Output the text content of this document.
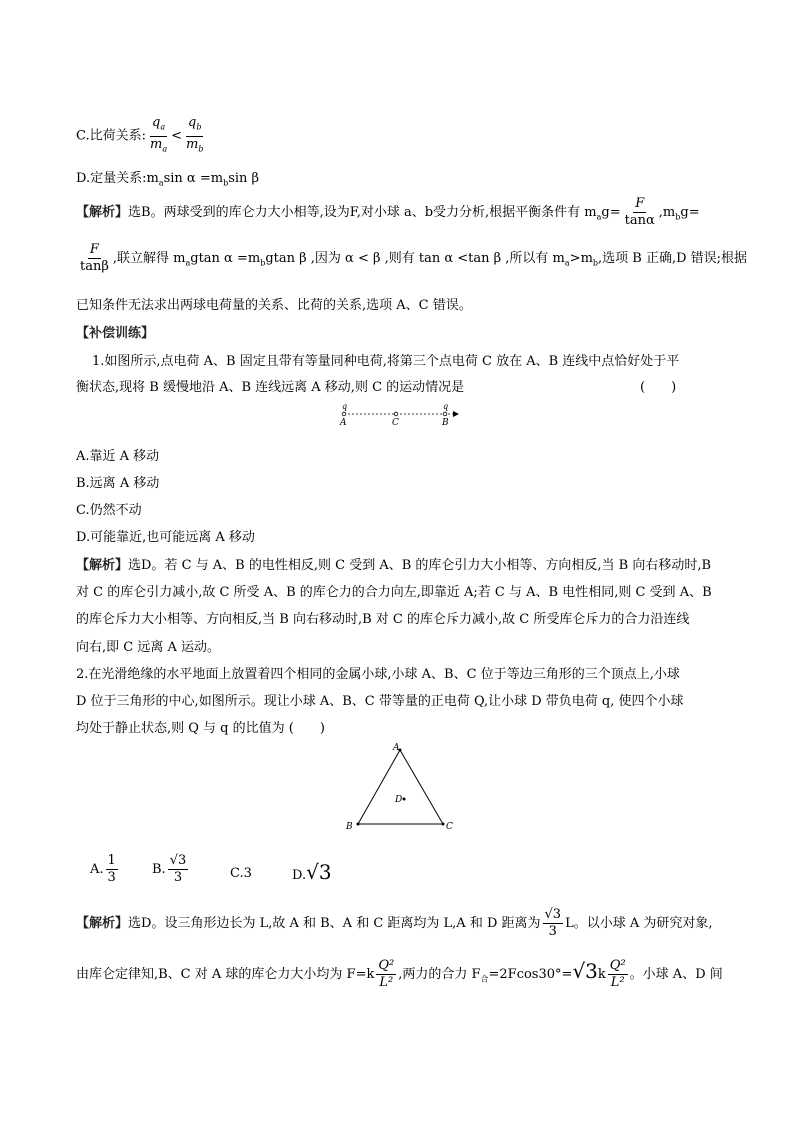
C.比荷关系: $\frac{q_a}{m_a} < \frac{q_b}{m_b}$
D.定量关系$:m_a\sin$ $\alpha =m_b\sin$ β
【解析】选B。两球受到的库仑力大小相等,设为F,对小球 a、b受力分析,根据平衡条件有 $m_ag= \frac{F}{\tan\alpha} ,m_bg=$
$\frac{F}{\tan\beta}$ ,联立解得 $m_agtan$ $\alpha =m_bgtan$ β ,因为 α < β ,则有 tan α <tan β ,所以有 $m_a>m_b$,选项 B 正确,D 错误;根据
已知条件无法求出两球电荷量的关系、比荷的关系,选项 A、C 错误。
【补偿训练】
1.如图所示,点电荷 A、B 固定且带有等量同种电荷,将第三个点电荷 C 放在 A、B 连线中点恰好处于平
衡状态,现将 B 缓慢地沿 A、B 连线远离 A 移动,则 C 的运动情况是	(　　)
q	q
A	C	B
A.靠近 A 移动
B.远离 A 移动
C.仍然不动
D.可能靠近,也可能远离 A 移动
【解析】选D。若 C 与 A、B 的电性相反,则 C 受到 A、B 的库仑引力大小相等、方向相反,当 B 向右移动时,B
对 C 的库仑引力减小,故 C 所受 A、B 的库仑力的合力向左,即靠近 A;若 C 与 A、B 电性相同,则 C 受到 A、B
的库仑斥力大小相等、方向相反,当 B 向右移动时,B 对 C 的库仑斥力减小,故 C 所受库仑斥力的合力沿连线
向右,即 C 远离 A 运动。
2.在光滑绝缘的水平地面上放置着四个相同的金属小球,小球 A、B、C 位于等边三角形的三个顶点上,小球
D 位于三角形的中心,如图所示。现让小球 A、B、C 带等量的正电荷 Q,让小球 D 带负电荷 q, 使四个小球
均处于静止状态,则 Q 与 q 的比值为 (　　)
A
B	C
D
A. $\frac{1}{3}$	B. $\frac{√3}{3}$	C.3	D.√3
【解析】选D。设三角形边长为 L,故 A 和 B、A 和 C 距离均为 L,A 和 D 距离为 $\frac{√3}{3}$ L。以小球 A 为研究对象,
由库仑定律知,B、C 对 A 球的库仑力大小均为 $F=k \frac{\text{Q²}}{\text{L²}}$ ,两力的合力 $F_合=2Fcos30^\circ=√3k \frac{\text{Q²}}{\text{L²}}$ 。小球 A、D 间
